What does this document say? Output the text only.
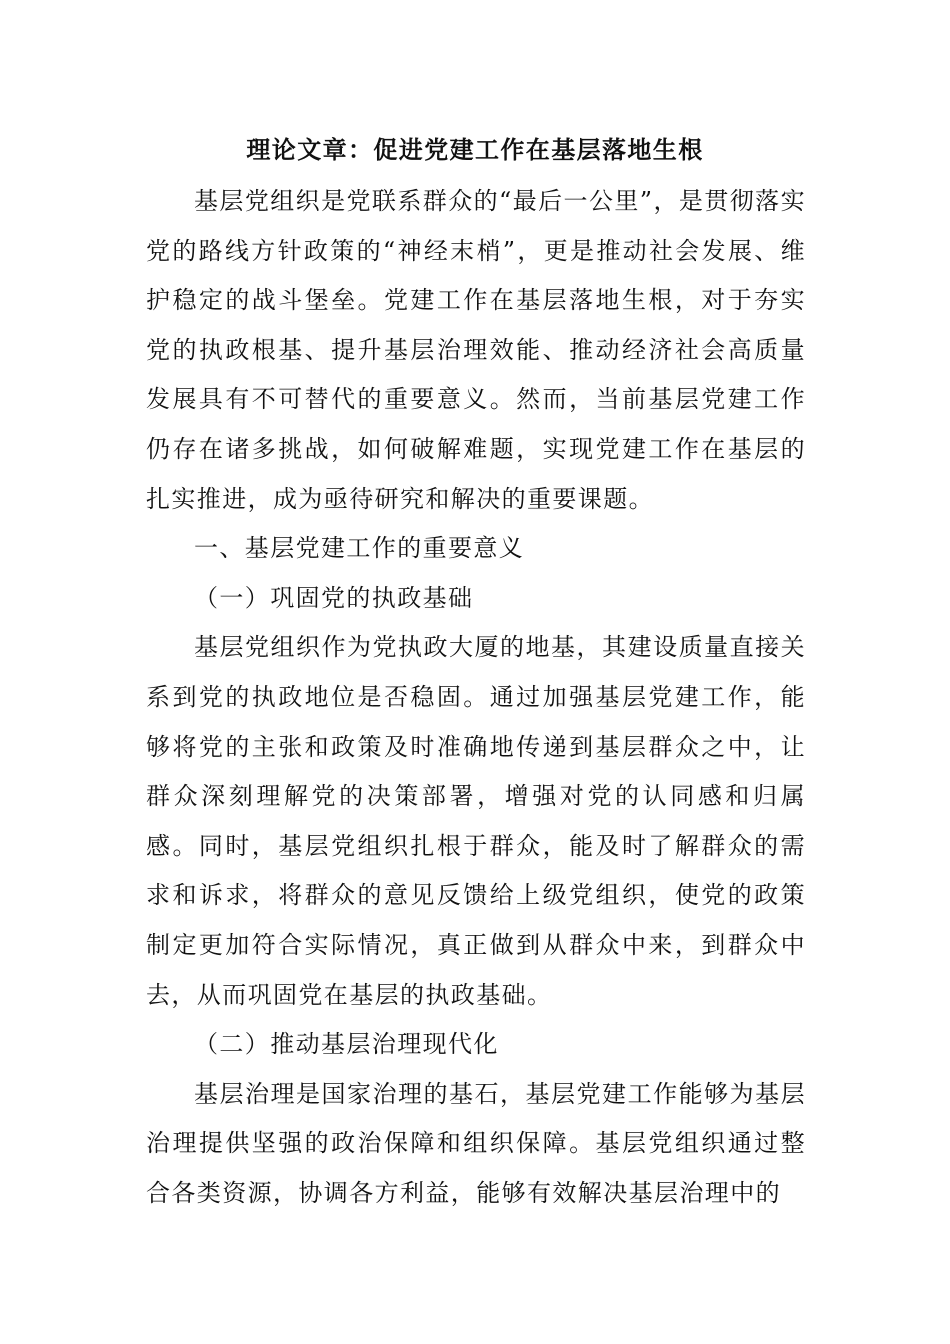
理论文章：促进党建工作在基层落地生根

基层党组织是党联系群众的“最后一公里”，是贯彻落实党的路线方针政策的“神经末梢”，更是推动社会发展、维护稳定的战斗堡垒。党建工作在基层落地生根，对于夯实党的执政根基、提升基层治理效能、推动经济社会高质量发展具有不可替代的重要意义。然而，当前基层党建工作仍存在诸多挑战，如何破解难题，实现党建工作在基层的扎实推进，成为亟待研究和解决的重要课题。

一、基层党建工作的重要意义

（一）巩固党的执政基础

基层党组织作为党执政大厦的地基，其建设质量直接关系到党的执政地位是否稳固。通过加强基层党建工作，能够将党的主张和政策及时准确地传递到基层群众之中，让群众深刻理解党的决策部署，增强对党的认同感和归属感。同时，基层党组织扎根于群众，能及时了解群众的需求和诉求，将群众的意见反馈给上级党组织，使党的政策制定更加符合实际情况，真正做到从群众中来，到群众中去，从而巩固党在基层的执政基础。

（二）推动基层治理现代化

基层治理是国家治理的基石，基层党建工作能够为基层治理提供坚强的政治保障和组织保障。基层党组织通过整合各类资源，协调各方利益，能够有效解决基层治理中的
